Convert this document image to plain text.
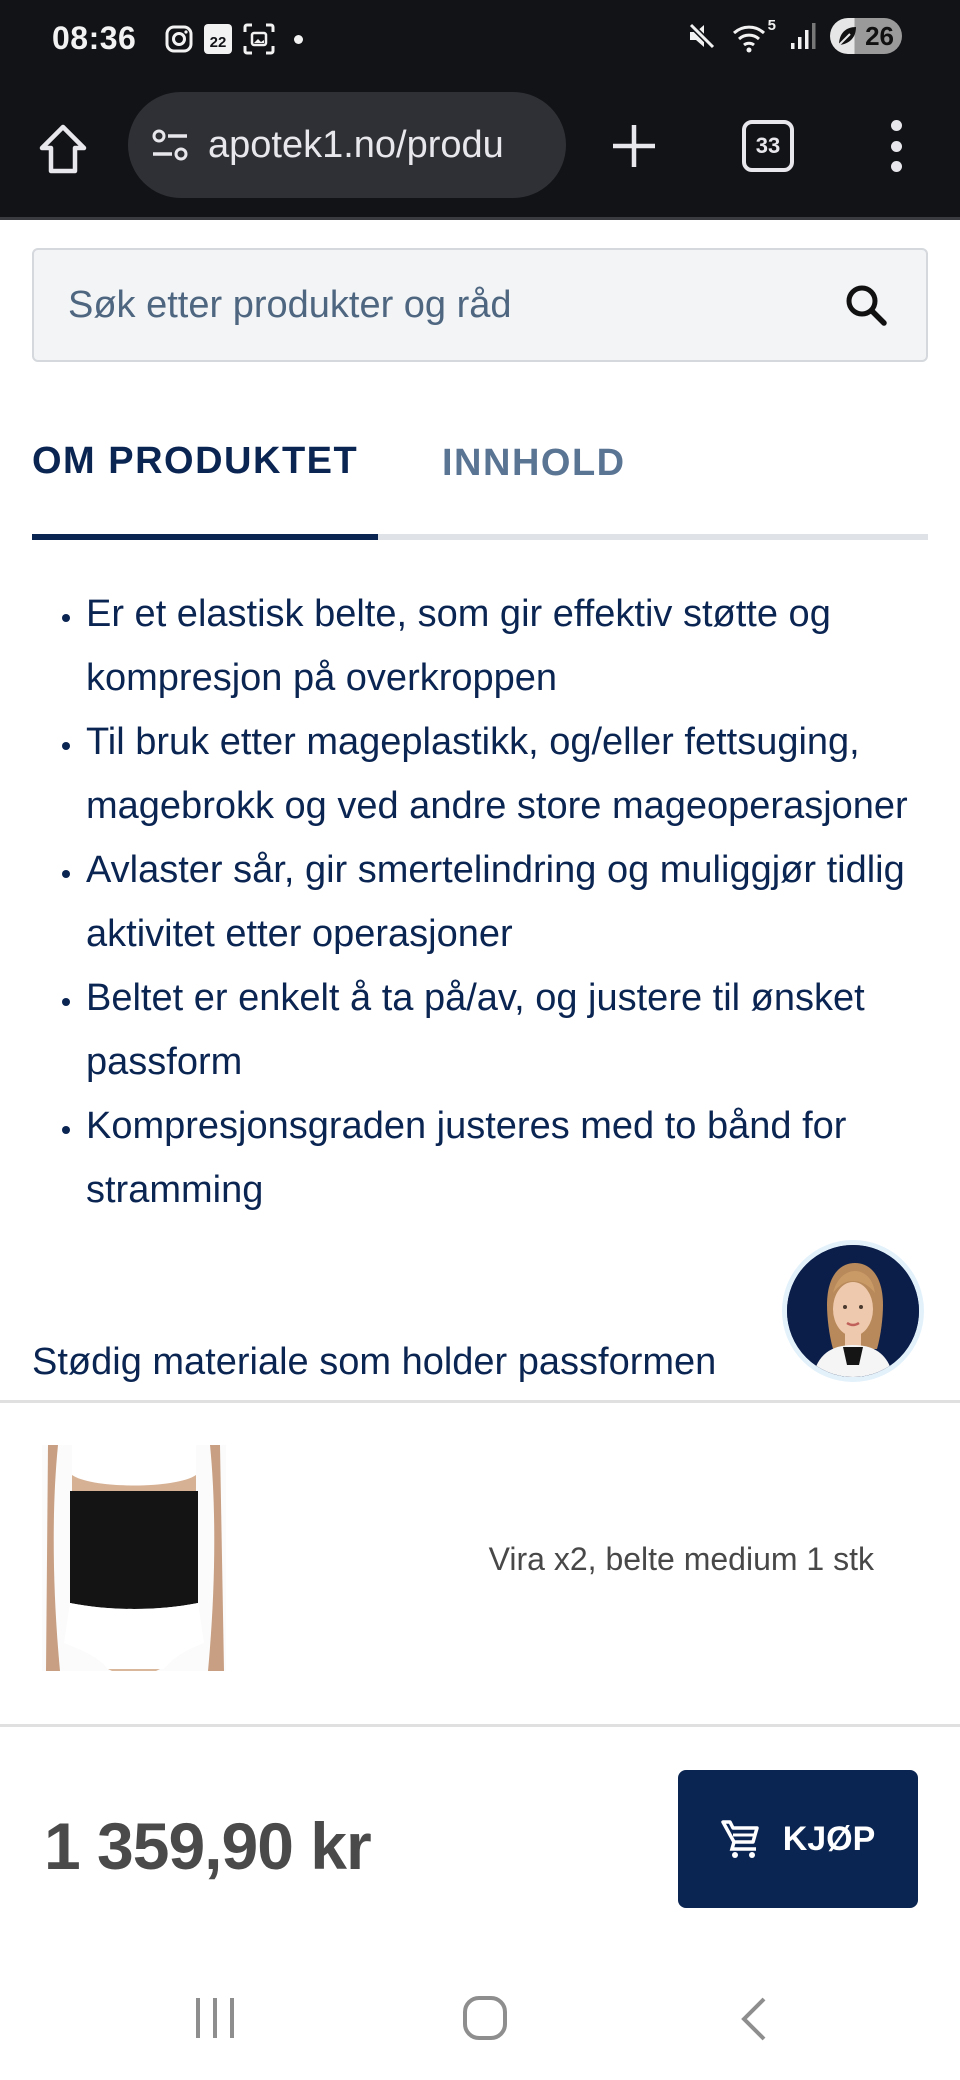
08:36	22
5	26
apotek1.no/produ	33
Søk etter produkter og råd
OM PRODUKTET INNHOLD
Er et elastisk belte, som gir effektiv støtte og kompresjon på overkroppen
Til bruk etter mageplastikk, og/eller fettsuging, magebrokk og ved andre store mageoperasjoner
Avlaster sår, gir smertelindring og muliggjør tidlig aktivitet etter operasjoner
Beltet er enkelt å ta på/av, og justere til ønsket passform
Kompresjonsgraden justeres med to bånd for stramming
Stødig materiale som holder passformen
Vira x2, belte medium 1 stk
1 359,90 kr	KJØP
